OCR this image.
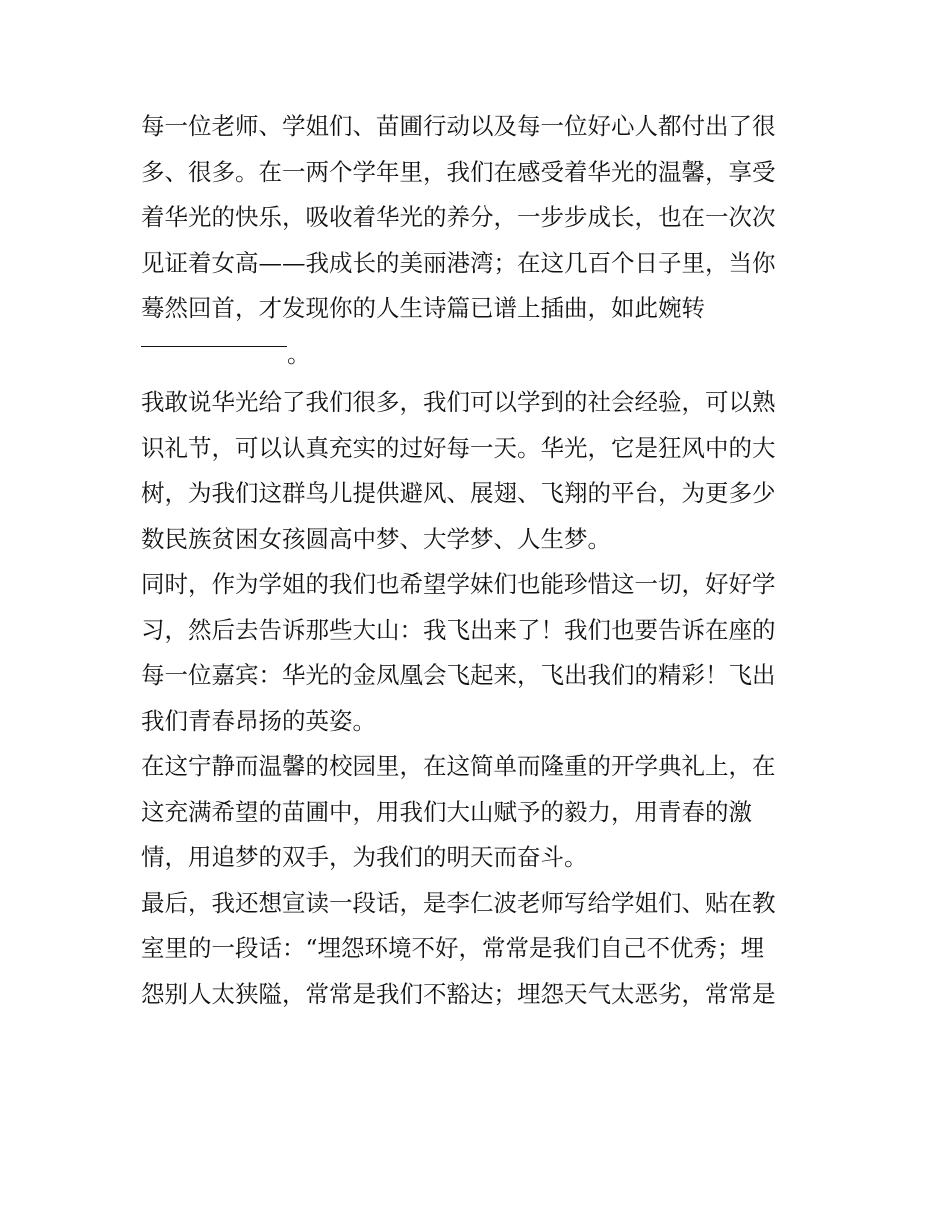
每一位老师、学姐们、苗圃行动以及每一位好心人都付出了很
多、很多。在一两个学年里，我们在感受着华光的温馨，享受
着华光的快乐，吸收着华光的养分，一步步成长，也在一次次
见证着女高——我成长的美丽港湾；在这几百个日子里，当你
蓦然回首，才发现你的人生诗篇已谱上插曲，如此婉转
。
我敢说华光给了我们很多，我们可以学到的社会经验，可以熟
识礼节，可以认真充实的过好每一天。华光，它是狂风中的大
树，为我们这群鸟儿提供避风、展翅、飞翔的平台，为更多少
数民族贫困女孩圆高中梦、大学梦、人生梦。
同时，作为学姐的我们也希望学妹们也能珍惜这一切，好好学
习，然后去告诉那些大山：我飞出来了！我们也要告诉在座的
每一位嘉宾：华光的金凤凰会飞起来，飞出我们的精彩！飞出
我们青春昂扬的英姿。
在这宁静而温馨的校园里，在这简单而隆重的开学典礼上，在
这充满希望的苗圃中，用我们大山赋予的毅力，用青春的激
情，用追梦的双手，为我们的明天而奋斗。
最后，我还想宣读一段话，是李仁波老师写给学姐们、贴在教
室里的一段话：“埋怨环境不好，常常是我们自己不优秀；埋
怨别人太狭隘，常常是我们不豁达；埋怨天气太恶劣，常常是
